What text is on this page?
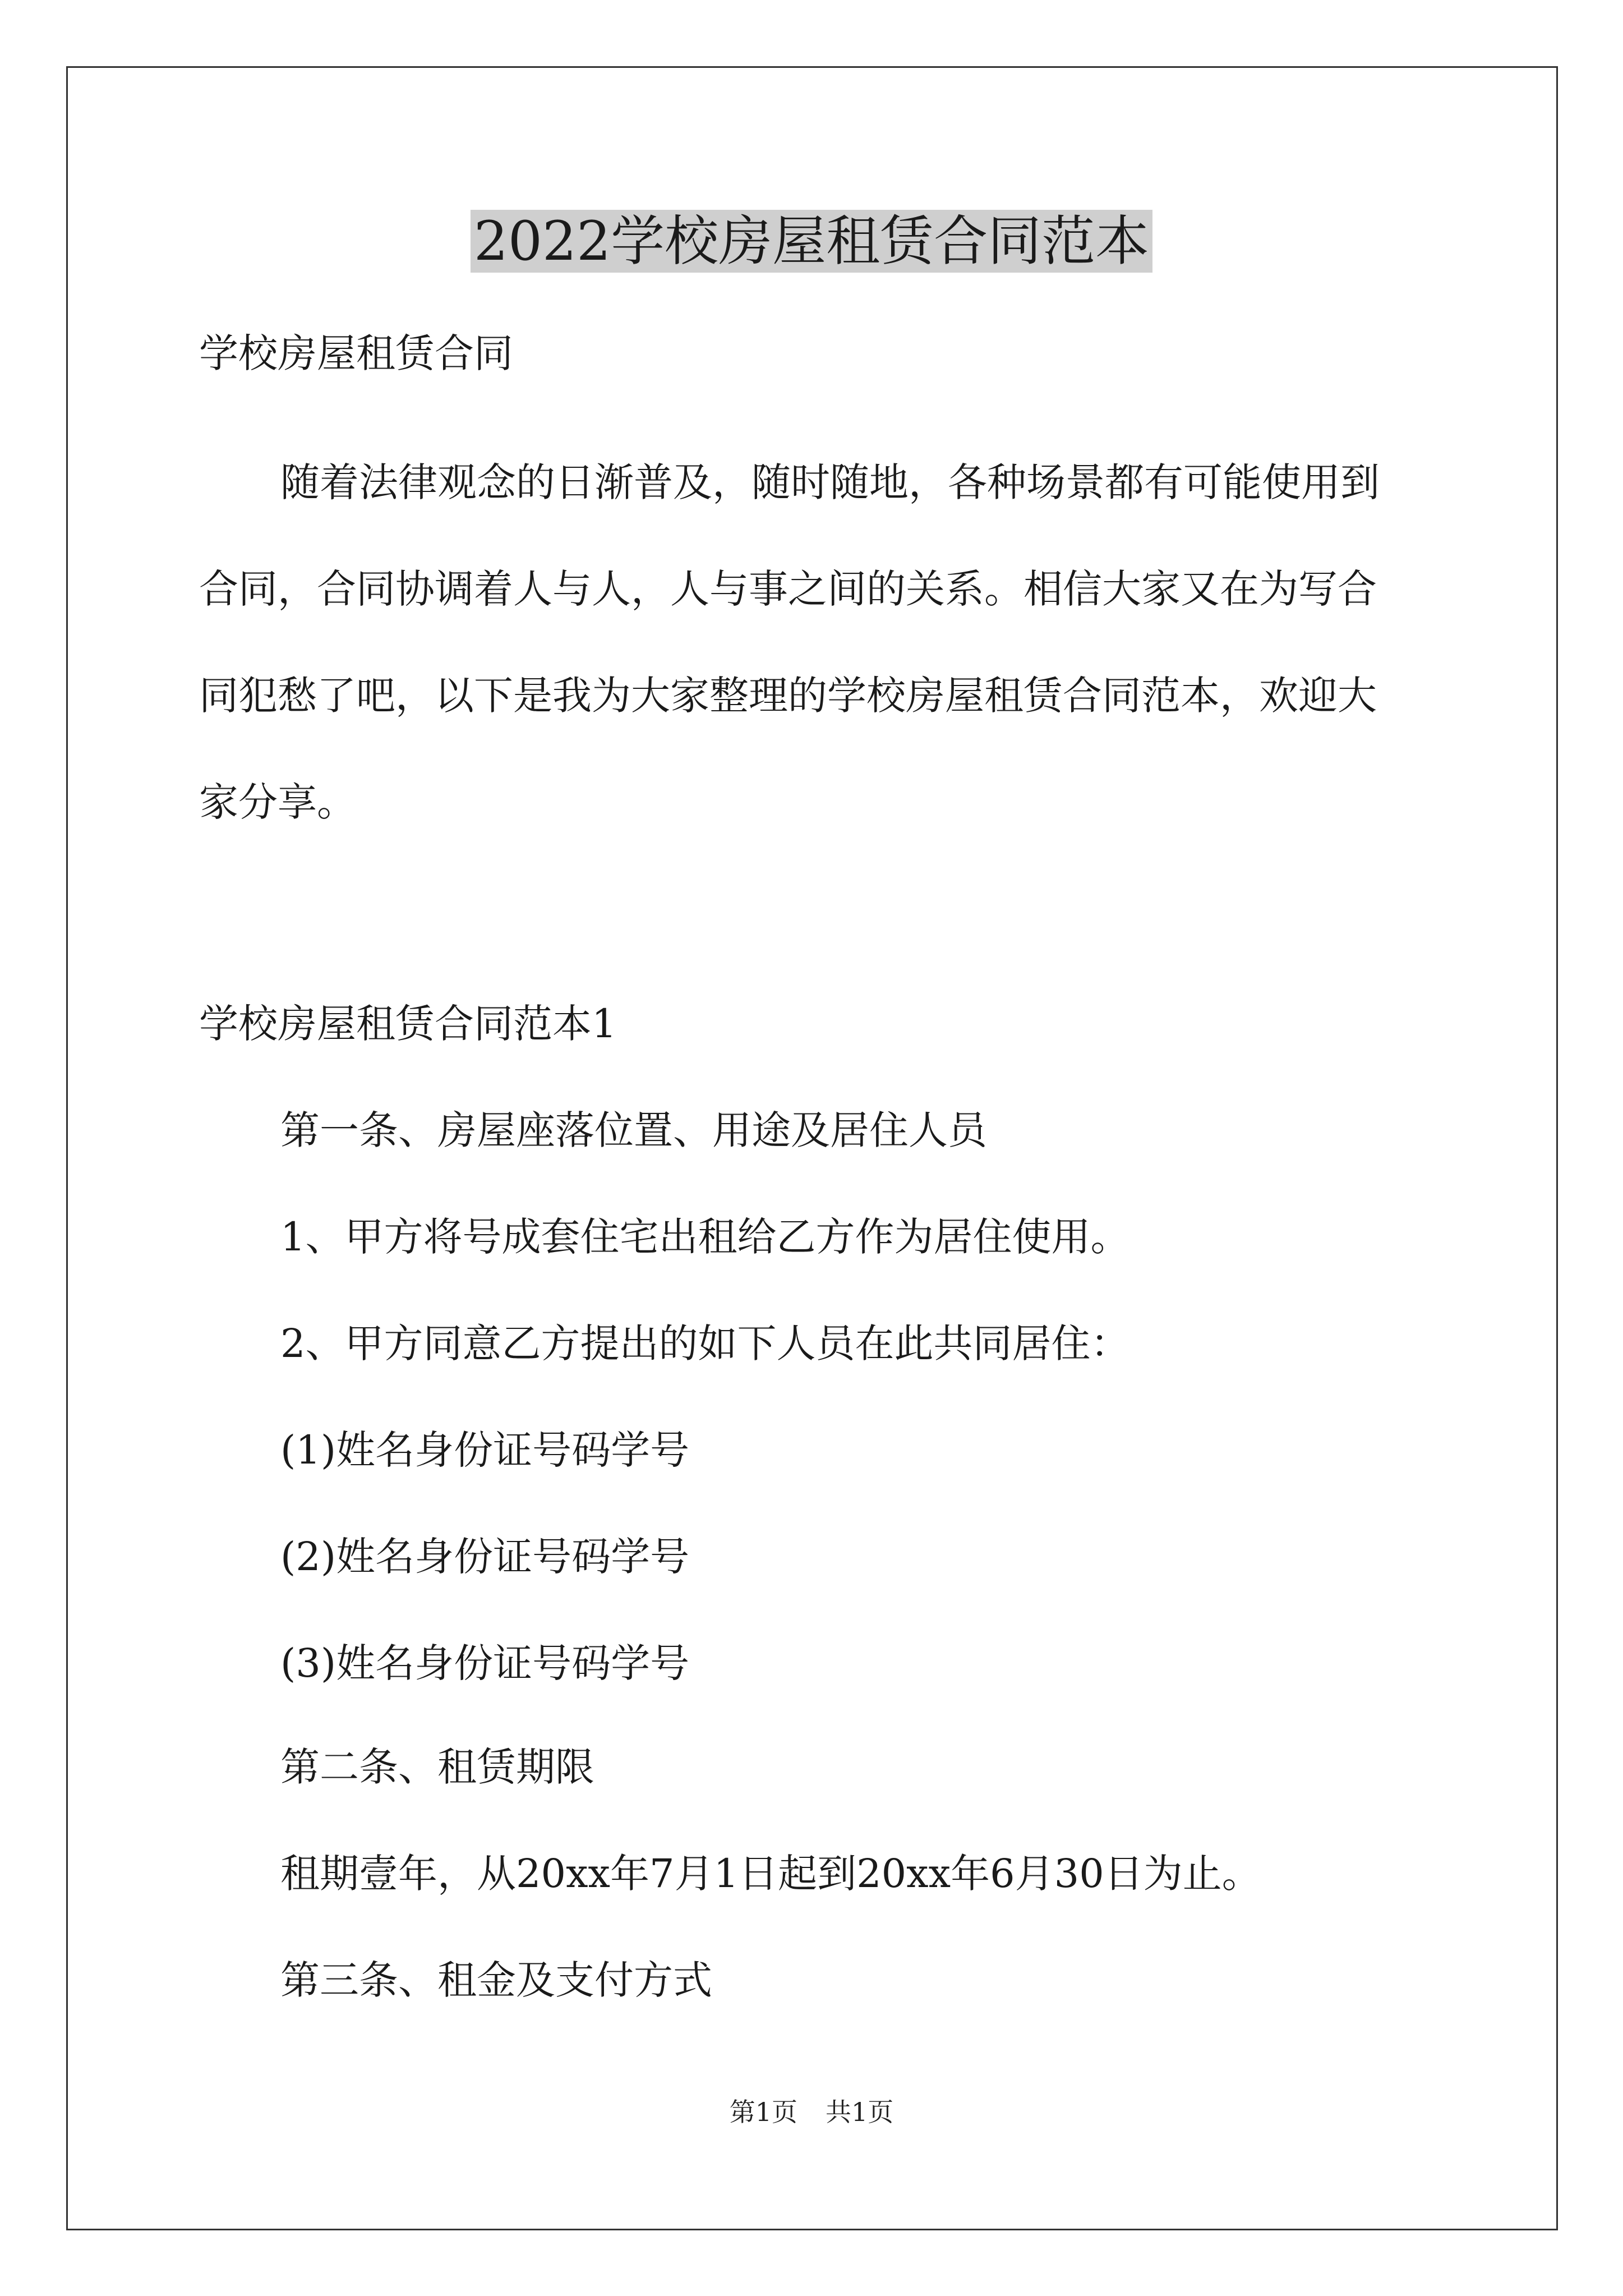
2022学校房屋租赁合同范本

学校房屋租赁合同

随着法律观念的日渐普及，随时随地，各种场景都有可能使用到

合同，合同协调着人与人，人与事之间的关系。相信大家又在为写合

同犯愁了吧，以下是我为大家整理的学校房屋租赁合同范本，欢迎大

家分享。

学校房屋租赁合同范本1

第一条、房屋座落位置、用途及居住人员

1、甲方将号成套住宅出租给乙方作为居住使用。

2、甲方同意乙方提出的如下人员在此共同居住：

(1)姓名身份证号码学号

(2)姓名身份证号码学号

(3)姓名身份证号码学号

第二条、租赁期限

租期壹年，从20xx年7月1日起到20xx年6月30日为止。

第三条、租金及支付方式

第1页 共1页
